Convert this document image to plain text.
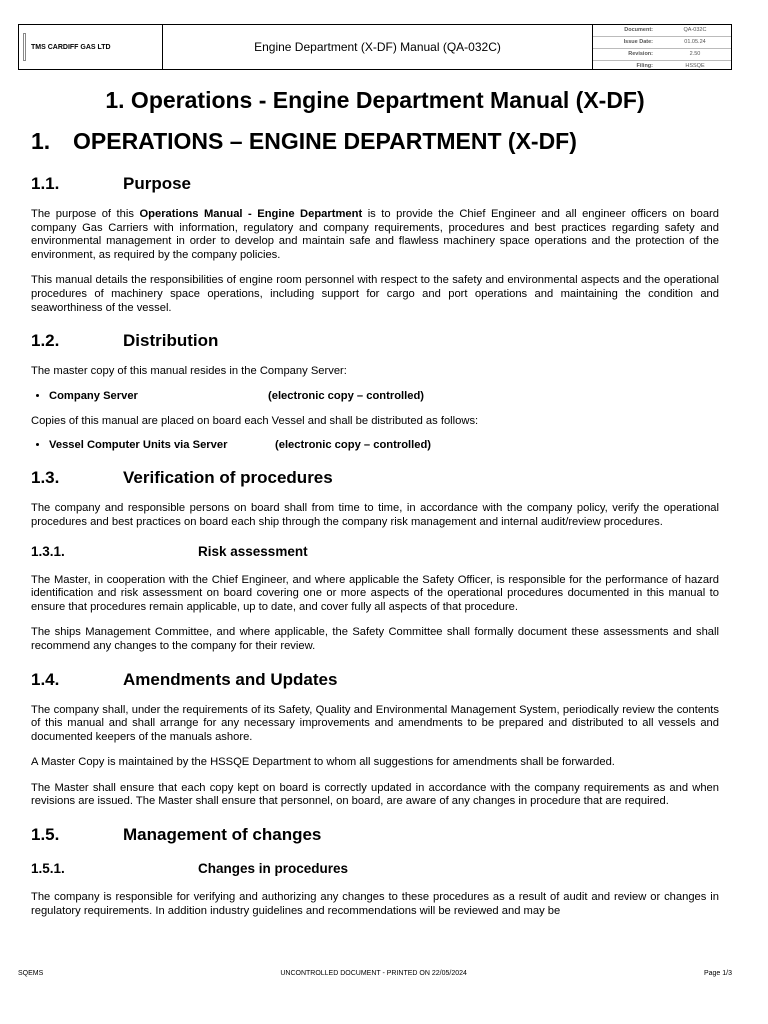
TMS CARDIFF GAS LTD	Engine Department (X-DF) Manual (QA-032C)
Document:	QA-032C
Issue Date:	01.05.24
Revision:	2.50
Filing:	HSSQE
1. Operations - Engine Department Manual (X-DF)
1. OPERATIONS – ENGINE DEPARTMENT (X-DF)
1.1.	Purpose

The purpose of this Operations Manual - Engine Department is to provide the Chief Engineer and all engineer officers on board company Gas Carriers with information, regulatory and company requirements, procedures and best practices regarding safety and environmental management in order to develop and maintain safe and flawless machinery space operations and the protection of the environment, as required by the company policies.

This manual details the responsibilities of engine room personnel with respect to the safety and environmental aspects and the operational procedures of machinery space operations, including support for cargo and port operations and maintaining the condition and seaworthiness of the vessel.

1.2.	Distribution

The master copy of this manual resides in the Company Server:

• Company Server	(electronic copy – controlled)

Copies of this manual are placed on board each Vessel and shall be distributed as follows:

• Vessel Computer Units via Server	(electronic copy – controlled)
1.3.	Verification of procedures

The company and responsible persons on board shall from time to time, in accordance with the company policy, verify the operational procedures and best practices on board each ship through the company risk management and internal audit/review procedures.

1.3.1.	Risk assessment

The Master, in cooperation with the Chief Engineer, and where applicable the Safety Officer, is responsible for the performance of hazard identification and risk assessment on board covering one or more aspects of the operational procedures documented in this manual to ensure that procedures remain applicable, up to date, and cover fully all aspects of that procedure.

The ships Management Committee, and where applicable, the Safety Committee shall formally document these assessments and shall recommend any changes to the company for their review.

1.4.	Amendments and Updates

The company shall, under the requirements of its Safety, Quality and Environmental Management System, periodically review the contents of this manual and shall arrange for any necessary improvements and amendments to be prepared and distributed to all vessels and documented keepers of the manuals ashore.

A Master Copy is maintained by the HSSQE Department to whom all suggestions for amendments shall be forwarded.

The Master shall ensure that each copy kept on board is correctly updated in accordance with the company requirements as and when revisions are issued. The Master shall ensure that personnel, on board, are aware of any changes in procedure that are required.

1.5.	Management of changes
1.5.1.	Changes in procedures

The company is responsible for verifying and authorizing any changes to these procedures as a result of audit and review or changes in regulatory requirements. In addition industry guidelines and recommendations will be reviewed and may be

SQEMS	UNCONTROLLED DOCUMENT - PRINTED ON 22/05/2024	Page 1/3
